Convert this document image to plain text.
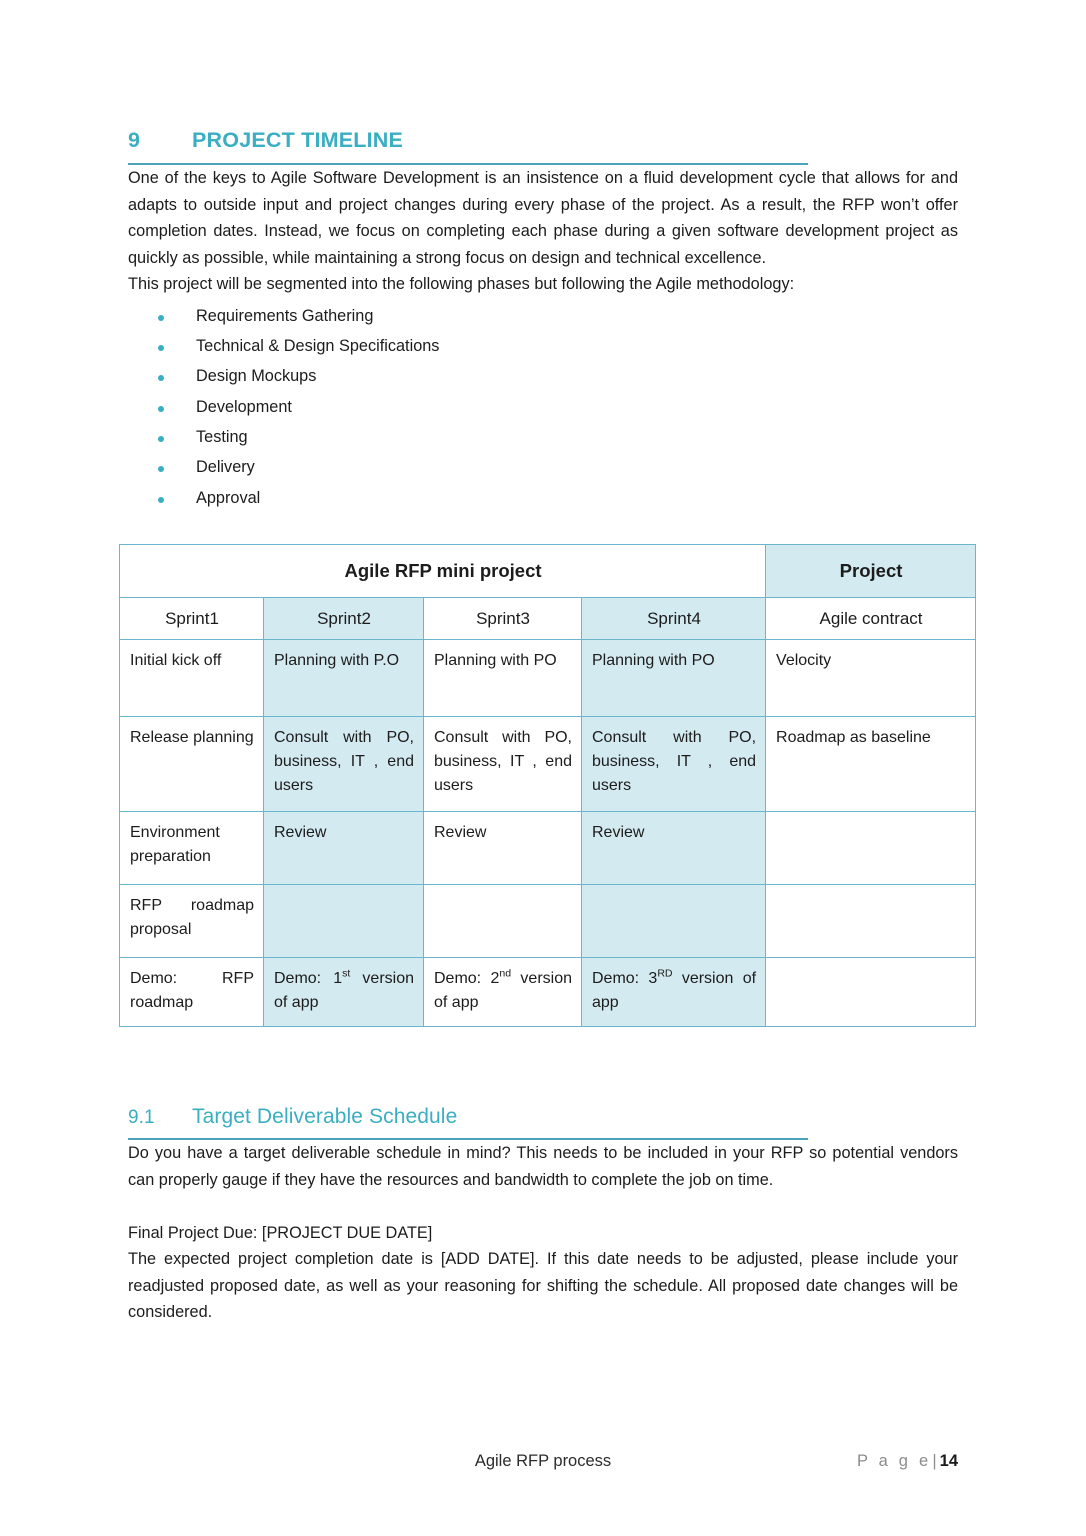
9	PROJECT TIMELINE

One of the keys to Agile Software Development is an insistence on a fluid development cycle that allows for and adapts to outside input and project changes during every phase of the project. As a result, the RFP won’t offer completion dates. Instead, we focus on completing each phase during a given software development project as quickly as possible, while maintaining a strong focus on design and technical excellence.

This project will be segmented into the following phases but following the Agile methodology:

Requirements Gathering
Technical & Design Specifications
Design Mockups
Development
Testing
Delivery
Approval
Agile RFP mini project				Project
Sprint1	Sprint2	Sprint3	Sprint4	Agile contract
Initial kick off	Planning with P.O	Planning with PO	Planning with PO	Velocity
Release planning	Consult with PO, business, IT , end users	Consult with PO, business, IT , end users	Consult with PO, business, IT , end users	Roadmap as baseline
Environment preparation	Review	Review	Review	
RFP roadmap proposal				
Demo: RFP roadmap	Demo: 1st version of app	Demo: 2nd version of app	Demo: 3RD version of app	
9.1	Target Deliverable Schedule

Do you have a target deliverable schedule in mind? This needs to be included in your RFP so potential vendors can properly gauge if they have the resources and bandwidth to complete the job on time.

Final Project Due: [PROJECT DUE DATE]

The expected project completion date is [ADD DATE]. If this date needs to be adjusted, please include your readjusted proposed date, as well as your reasoning for shifting the schedule. All proposed date changes will be considered.

Agile RFP process	P a g e| 14
